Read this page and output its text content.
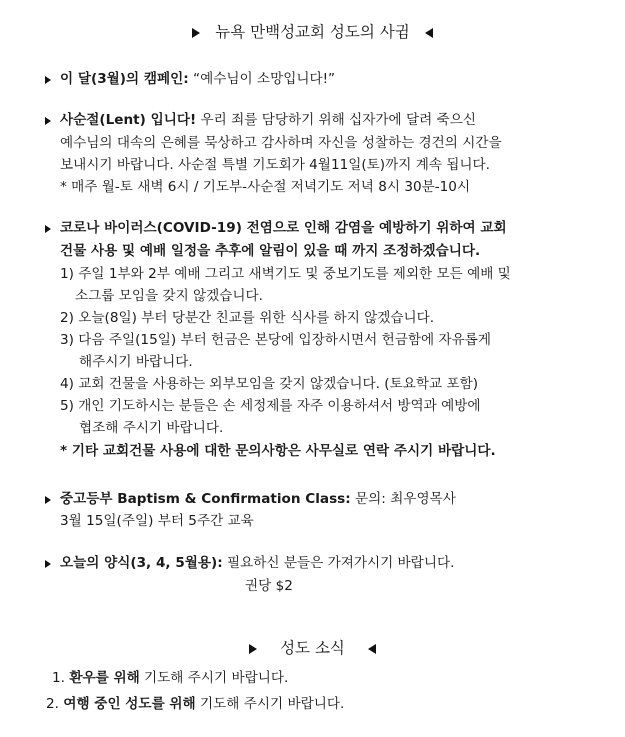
뉴욕 만백성교회 성도의 사귐
이 달(3월)의 캠페인: “예수님이 소망입니다!”
사순절(Lent) 입니다! 우리 죄를 담당하기 위해 십자가에 달려 죽으신
예수님의 대속의 은혜를 묵상하고 감사하며 자신을 성찰하는 경건의 시간을
보내시기 바랍니다. 사순절 특별 기도회가 4월11일(토)까지 계속 됩니다.
* 매주 월-토 새벽 6시 / 기도부-사순절 저녁기도 저녁 8시 30분-10시
코로나 바이러스(COVID-19) 전염으로 인해 감염을 예방하기 위하여 교회
건물 사용 및 예배 일정을 추후에 알림이 있을 때 까지 조정하겠습니다.
1) 주일 1부와 2부 예배 그리고 새벽기도 및 중보기도를 제외한 모든 예배 및
소그룹 모임을 갖지 않겠습니다.
2) 오늘(8일) 부터 당분간 친교를 위한 식사를 하지 않겠습니다.
3) 다음 주일(15일) 부터 헌금은 본당에 입장하시면서 헌금함에 자유롭게
해주시기 바랍니다.
4) 교회 건물을 사용하는 외부모임을 갖지 않겠습니다. (토요학교 포함)
5) 개인 기도하시는 분들은 손 세정제를 자주 이용하셔서 방역과 예방에
협조해 주시기 바랍니다.
* 기타 교회건물 사용에 대한 문의사항은 사무실로 연락 주시기 바랍니다.
중고등부 Baptism & Confirmation Class: 문의: 최우영목사
3월 15일(주일) 부터 5주간 교육
오늘의 양식(3, 4, 5월용): 필요하신 분들은 가져가시기 바랍니다.
권당 $2
성도 소식
1. 환우를 위해 기도해 주시기 바랍니다.
2. 여행 중인 성도를 위해 기도해 주시기 바랍니다.
